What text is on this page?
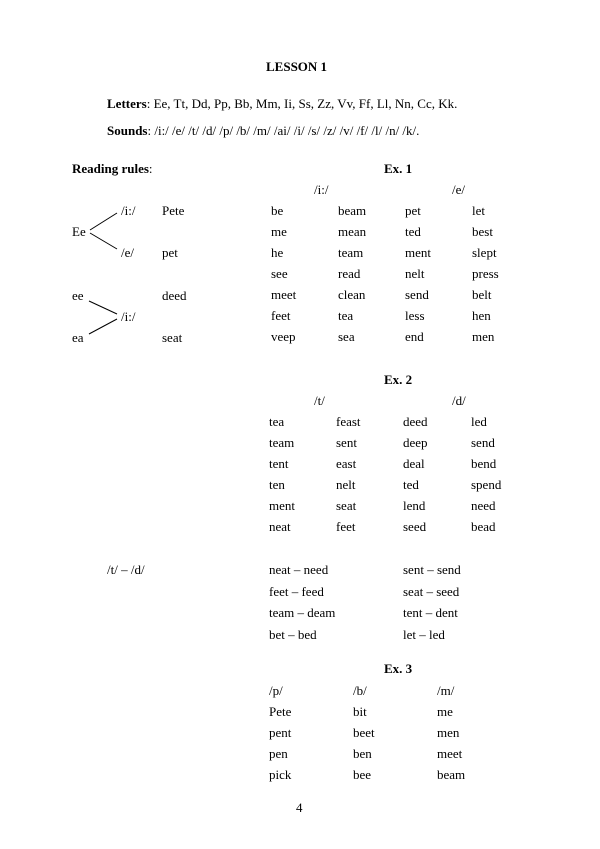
LESSON 1
Letters: Ee, Tt, Dd, Pp, Bb, Mm, Ii, Ss, Zz, Vv, Ff, Ll, Nn, Cc, Kk.
Sounds: /i:/ /e/ /t/ /d/ /p/ /b/ /m/ /ai/ /i/ /s/ /z/ /v/ /f/ /l/ /n/ /k/.
Reading rules:
/i:/ Pete
Ee
/e/ pet
ee	deed
/i:/
ea	seat
Ex. 1
/i:/	/e/
be	beam	pet	let
me	mean	ted	best
he	team	ment	slept
see	read	nelt	press
meet	clean	send	belt
feet	tea	less	hen
veep	sea	end	men
Ex. 2
/t/	/d/
tea	feast	deed	led
team	sent	deep	send
tent	east	deal	bend
ten	nelt	ted	spend
ment	seat	lend	need
neat	feet	seed	bead
/t/ – /d/	neat – need	sent – send
feet – feed	seat – seed
team – deam	tent – dent
bet – bed	let – led
Ex. 3
/p/	/b/	/m/
Pete	bit	me
pent	beet	men
pen	ben	meet
pick	bee	beam
4
